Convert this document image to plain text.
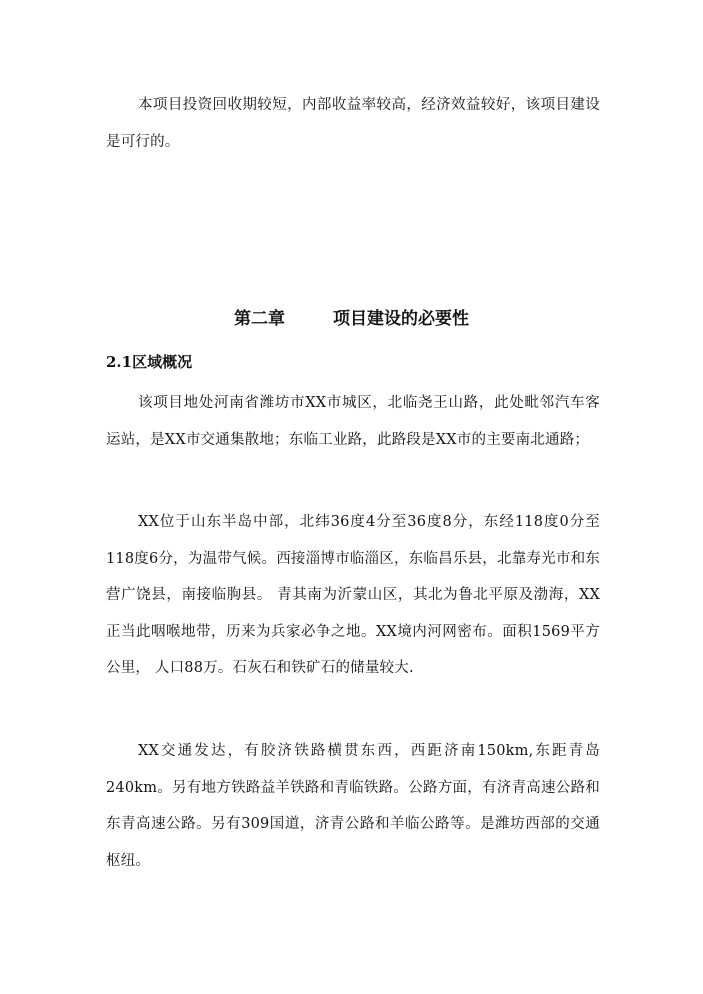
本项目投资回收期较短，内部收益率较高，经济效益较好，该项目建设是可行的。

第二章	项目建设的必要性
2.1区域概况

该项目地处河南省潍坊市XX市城区，北临尧王山路，此处毗邻汽车客运站，是XX市交通集散地；东临工业路，此路段是XX市的主要南北通路；

XX位于山东半岛中部，北纬36度4分至36度8分，东经118度0分至118度6分，为温带气候。西接淄博市临淄区，东临昌乐县，北靠寿光市和东营广饶县，南接临朐县。 青其南为沂蒙山区，其北为鲁北平原及渤海，XX正当此咽喉地带，历来为兵家必争之地。XX境内河网密布。面积1569平方公里， 人口88万。石灰石和铁矿石的储量较大.

XX交通发达，有胶济铁路横贯东西，西距济南150km,东距青岛240km。另有地方铁路益羊铁路和青临铁路。公路方面，有济青高速公路和东青高速公路。另有309国道，济青公路和羊临公路等。是潍坊西部的交通枢纽。
